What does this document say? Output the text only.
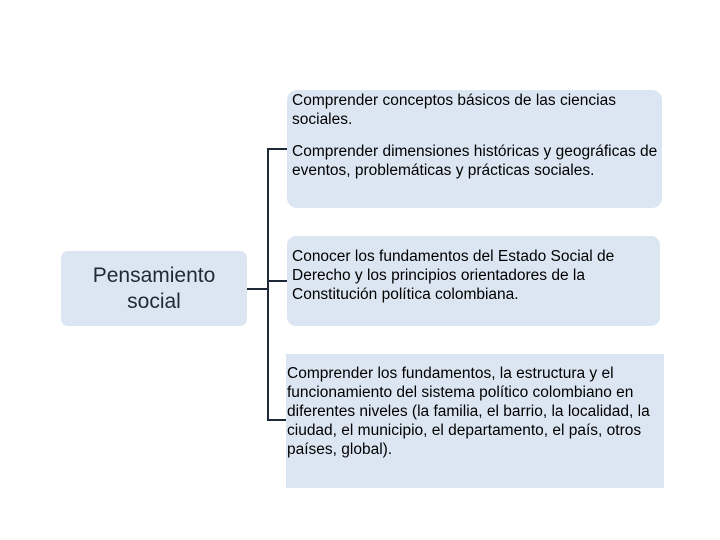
Pensamiento
social

Comprender conceptos básicos de las ciencias sociales.

Comprender dimensiones históricas y geográficas de eventos, problemáticas y prácticas sociales.

Conocer los fundamentos del Estado Social de Derecho y los principios orientadores de la Constitución política colombiana.

Comprender los fundamentos, la estructura y el funcionamiento del sistema político colombiano en diferentes niveles (la familia, el barrio, la localidad, la ciudad, el municipio, el departamento, el país, otros países, global).
